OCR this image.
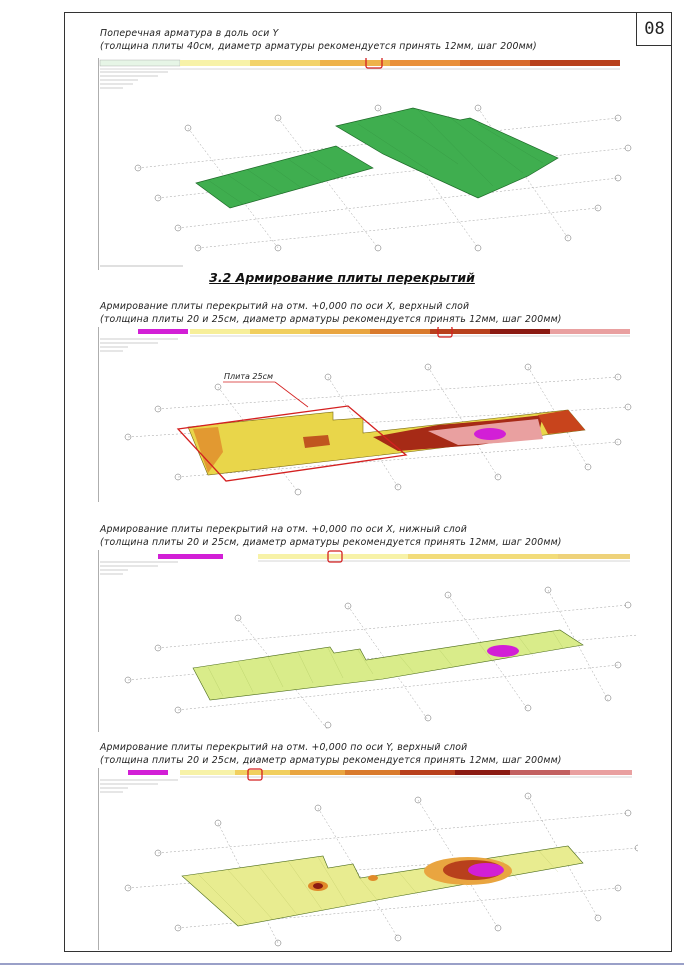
08
Поперечная арматура в доль оси Y
(толщина плиты 40см, диаметр арматуры рекомендуется принять 12мм, шаг 200мм)
3.2 Армирование плиты перекрытий
Армирование плиты перекрытий на отм. +0,000 по оси X, верхный слой
(толщина плиты 20 и 25см, диаметр арматуры рекомендуется принять 12мм, шаг 200мм)
Плита 25см
Армирование плиты перекрытий на отм. +0,000 по оси X, нижный слой
(толщина плиты 20 и 25см, диаметр арматуры рекомендуется принять 12мм, шаг 200мм)
Армирование плиты перекрытий на отм. +0,000 по оси Y, верхный слой
(толщина плиты 20 и 25см, диаметр арматуры рекомендуется принять 12мм, шаг 200мм)
